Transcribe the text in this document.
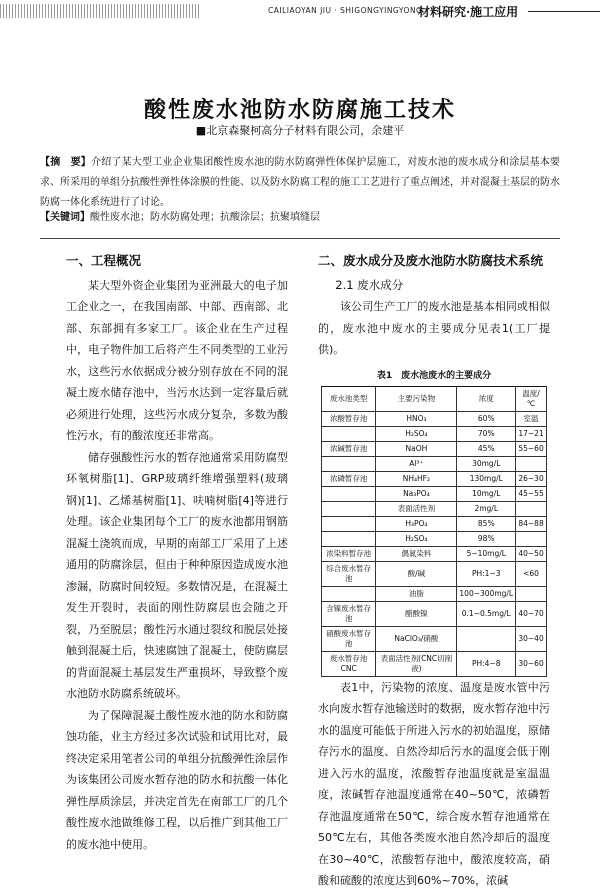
CAILIAOYAN JIU · SHIGONGYINGYONG
材料研究·施工应用
酸性废水池防水防腐施工技术
■北京森聚柯高分子材料有限公司，余建平
【摘　要】介绍了某大型工业企业集团酸性废水池的防水防腐弹性体保护层施工，对废水池的废水成分和涂层基本要求、所采用的单组分抗酸性弹性体涂膜的性能、以及防水防腐工程的施工工艺进行了重点阐述，并对混凝土基层的防水防腐一体化系统进行了讨论。
【关键词】酸性废水池；防水防腐处理；抗酸涂层；抗聚填缝层
一、工程概况

某大型外资企业集团为亚洲最大的电子加工企业之一，在我国南部、中部、西南部、北部、东部拥有多家工厂。该企业在生产过程中，电子物件加工后将产生不同类型的工业污水，这些污水依据成分被分别存放在不同的混凝土废水储存池中，当污水达到一定容量后就必须进行处理，这些污水成分复杂，多数为酸性污水，有的酸浓度还非常高。

储存强酸性污水的暂存池通常采用防腐型环氧树脂[1]、GRP玻璃纤维增强塑料(玻璃钢)[1]、乙烯基树脂[1]、呋喃树脂[4]等进行处理。该企业集团每个工厂的废水池都用钢筋混凝土浇筑而成，早期的南部工厂采用了上述通用的防腐涂层，但由于种种原因造成废水池渗漏，防腐时间较短。多数情况是，在混凝土发生开裂时，表面的刚性防腐层也会随之开裂，乃至脱层；酸性污水通过裂纹和脱层处接触到混凝土后，快速腐蚀了混凝土，使防腐层的背面混凝土基层发生严重损坏，导致整个废水池防水防腐系统破坏。

为了保障混凝土酸性废水池的防水和防腐蚀功能，业主方经过多次试验和试用比对，最终决定采用笔者公司的单组分抗酸弹性涂层作为该集团公司废水暂存池的防水和抗酸一体化弹性厚质涂层，并决定首先在南部工厂的几个酸性废水池做维修工程，以后推广到其他工厂的废水池中使用。

二、废水成分及废水池防水防腐技术系统
2.1 废水成分

该公司生产工厂的废水池是基本相同或相似的，废水池中废水的主要成分见表1(工厂提供)。

表1　废水池废水的主要成分
废水池类型	主要污染物	浓度	温度/℃
浓酸暂存池	HNO₃	60%	室温
	H₂SO₄	70%	17~21
浓碱暂存池	NaOH	45%	55~60
	Al³⁺	30mg/L	
浓磷暂存池	NH₄HF₂	130mg/L	26~30
	Na₃PO₄	10mg/L	45~55
	表面活性剂	2mg/L	
	H₃PO₄	85%	84~88
	H₂SO₄	98%	
浓染料暂存池	偶氮染料	5~10mg/L	40~50
综合废水暂存池	酸/碱	PH:1~3	<60
	油脂	100~300mg/L	
含镍废水暂存池	醋酸镍	0.1~0.5mg/L	40~70
硝酸废水暂存池	NaClO₃/硝酸		30~40
废水暂存池CNC	表面活性剂(CNC切削液)	PH:4~8	30~60

表1中，污染物的浓度、温度是废水管中污水向废水暂存池输送时的数据，废水暂存池中污水的温度可能低于所进入污水的初始温度，原储存污水的温度、自然冷却后污水的温度会低于刚进入污水的温度，浓酸暂存池温度就是室温温度，浓碱暂存池温度通常在40~50℃，浓磷暂存池温度通常在50℃，综合废水暂存池通常在50℃左右，其他各类废水池自然冷却后的温度在30~40℃，浓酸暂存池中，酸浓度较高，硝酸和硫酸的浓度达到60%~70%，浓碱
